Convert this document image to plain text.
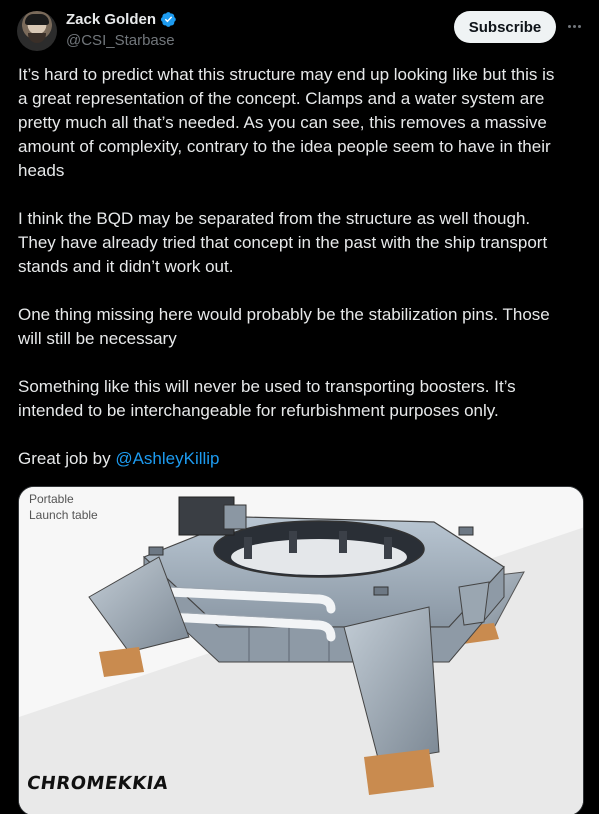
Zack Golden
@CSI_Starbase
Subscribe
It’s hard to predict what this structure may end up looking like but this is
a great representation of the concept. Clamps and a water system are
pretty much all that’s needed. As you can see, this removes a massive
amount of complexity, contrary to the idea people seem to have in their
heads
I think the BQD may be separated from the structure as well though.
They have already tried that concept in the past with the ship transport
stands and it didn’t work out.
One thing missing here would probably be the stabilization pins. Those
will still be necessary
Something like this will never be used to transporting boosters. It’s
intended to be interchangeable for refurbishment purposes only.
Great job by @AshleyKillip
Portable
Launch table
CHROMEKKIA
